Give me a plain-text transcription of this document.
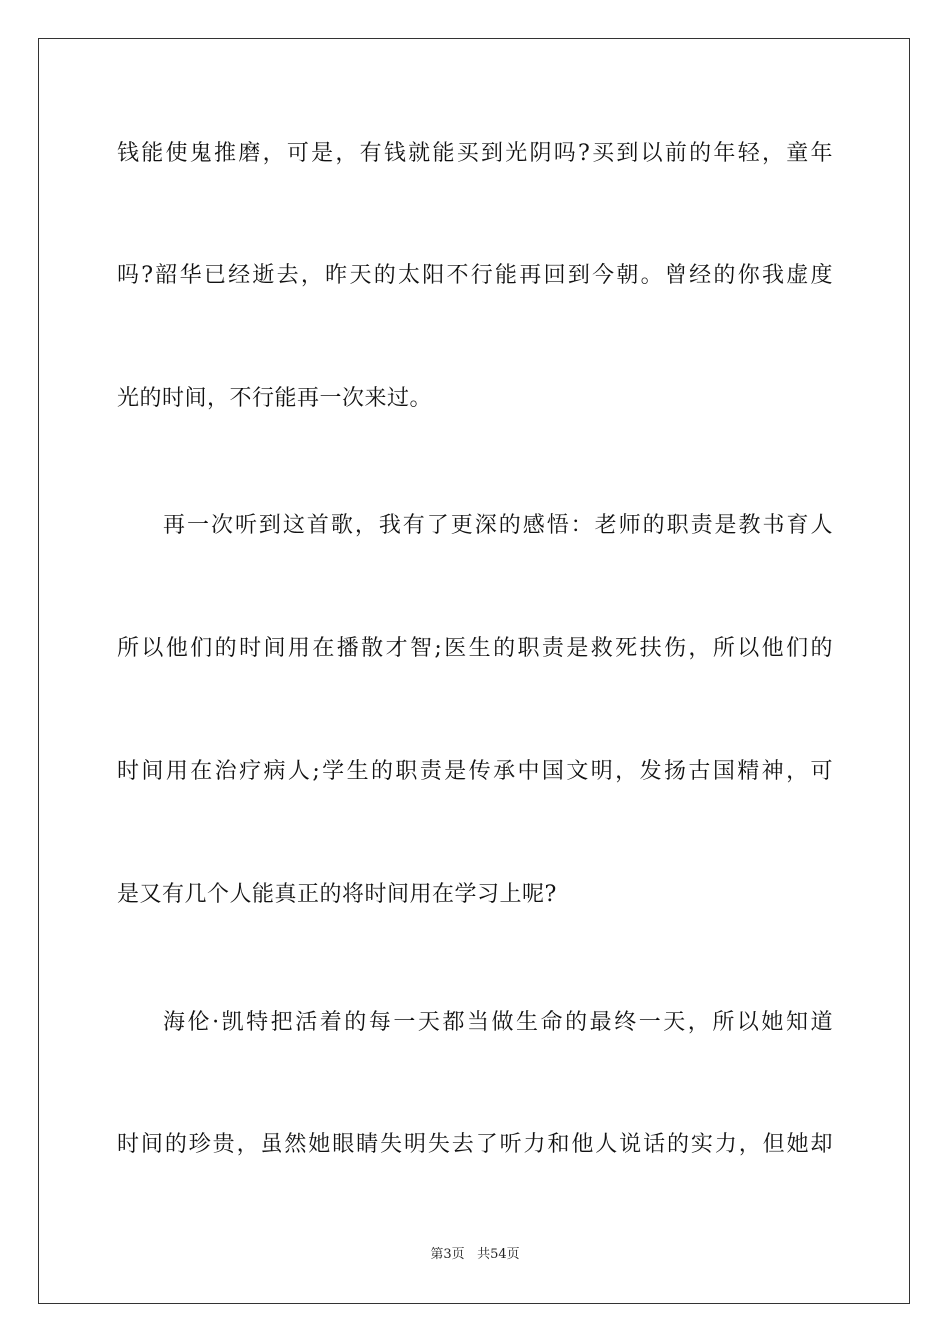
钱能使鬼推磨，可是，有钱就能买到光阴吗?买到以前的年轻，童年
吗?韶华已经逝去，昨天的太阳不行能再回到今朝。曾经的你我虚度
光的时间，不行能再一次来过。
再一次听到这首歌，我有了更深的感悟：老师的职责是教书育人
所以他们的时间用在播散才智;医生的职责是救死扶伤，所以他们的
时间用在治疗病人;学生的职责是传承中国文明，发扬古国精神，可
是又有几个人能真正的将时间用在学习上呢?
海伦·凯特把活着的每一天都当做生命的最终一天，所以她知道
时间的珍贵，虽然她眼睛失明失去了听力和他人说话的实力，但她却
第3页 共54页
